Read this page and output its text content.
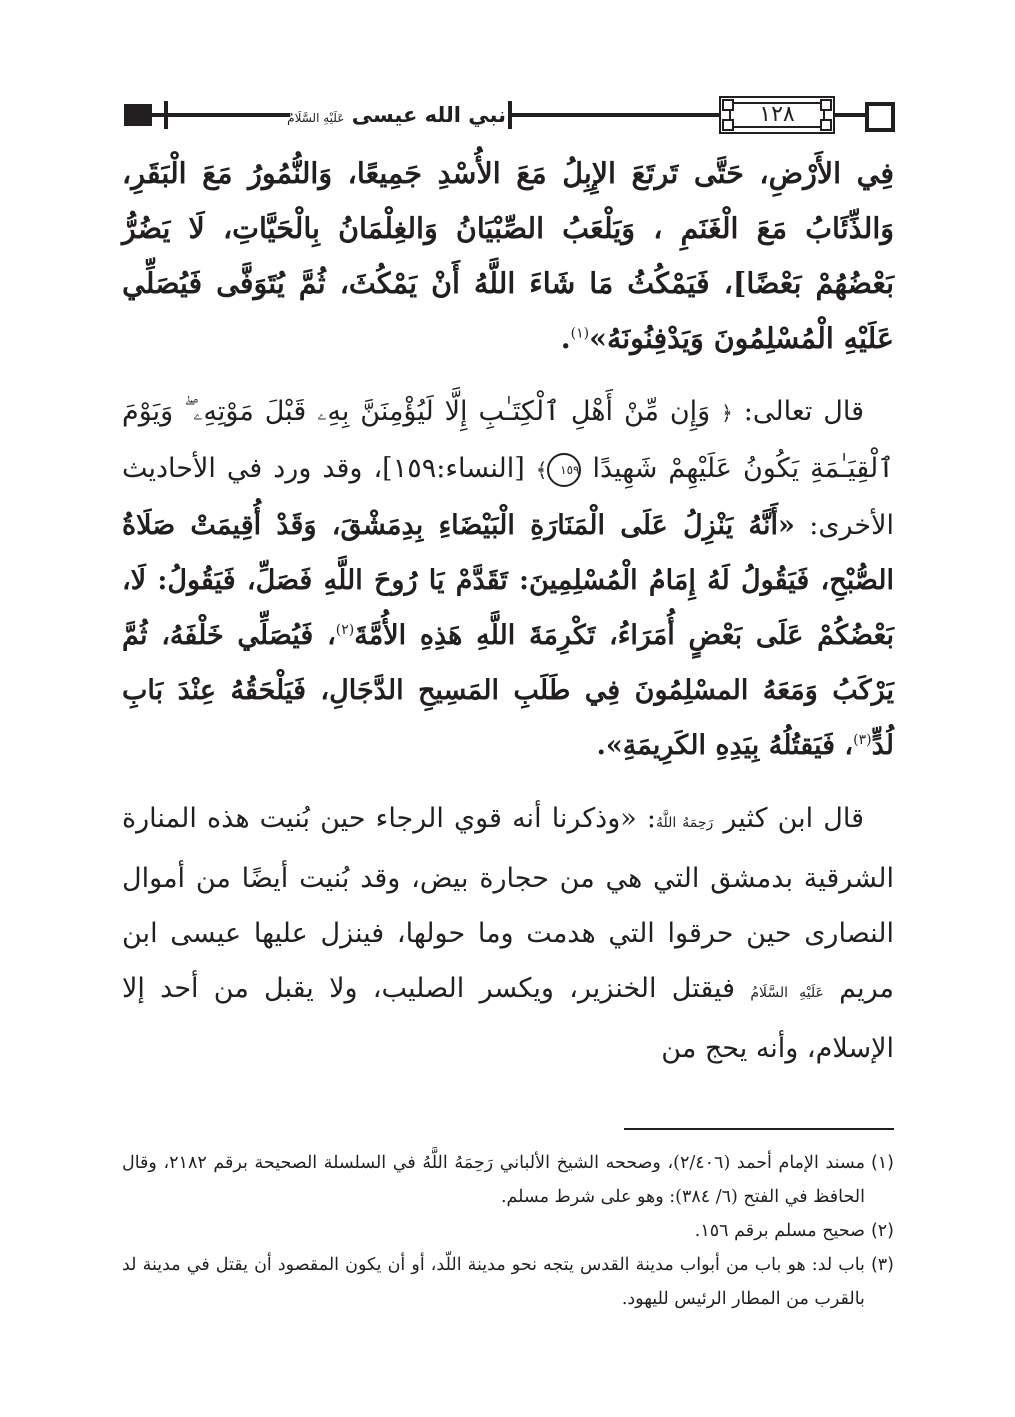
نبي الله عيسى عَلَيْهِ السَّلَامُ	١٢٨

فِي الأَرْضِ، حَتَّى تَرتَعَ الإِبِلُ مَعَ الأُسْدِ جَمِيعًا، وَالنُّمُورُ مَعَ الْبَقَرِ، وَالذِّئَابُ مَعَ الْغَنَمِ ، وَيَلْعَبُ الصِّبْيَانُ وَالغِلْمَانُ بِالْحَيَّاتِ، لَا يَضُرُّ بَعْضُهُمْ بَعْضًا]، فَيَمْكُثُ مَا شَاءَ اللَّهُ أَنْ يَمْكُثَ، ثُمَّ يُتَوَفَّى فَيُصَلِّي عَلَيْهِ الْمُسْلِمُونَ وَيَدْفِنُونَهُ»$^{(١)}$.

قال تعالى: ﴿ وَإِن مِّنْ أَهْلِ ٱلْكِتَـٰبِ إِلَّا لَيُؤْمِنَنَّ بِهِۦ قَبْلَ مَوْتِهِۦ ۖ وَيَوْمَ ٱلْقِيَـٰمَةِ يَكُونُ عَلَيْهِمْ شَهِيدًا ١٥٩﴾ [النساء:١٥٩]، وقد ورد في الأحاديث الأخرى: «أَنَّهُ يَنْزِلُ عَلَى الْمَنَارَةِ الْبَيْضَاءِ بِدِمَشْقَ، وَقَدْ أُقِيمَتْ صَلَاةُ الصُّبْحِ، فَيَقُولُ لَهُ إِمَامُ الْمُسْلِمِينَ: تَقَدَّمْ يَا رُوحَ اللَّهِ فَصَلِّ، فَيَقُولُ: لَا، بَعْضُكُمْ عَلَى بَعْضٍ أُمَرَاءُ، تَكْرِمَةَ اللَّهِ هَذِهِ الأُمَّةَ$^{(٢)}$، فَيُصَلِّي خَلْفَهُ، ثُمَّ يَرْكَبُ وَمَعَهُ المسْلِمُونَ فِي طَلَبِ المَسِيحِ الدَّجَالِ، فَيَلْحَقُهُ عِنْدَ بَابِ لُدٍّ$^{(٣)}$، فَيَقتُلُهُ بِيَدِهِ الكَرِيمَةِ».

قال ابن كثير رَحِمَهُ اللَّهُ: «وذكرنا أنه قوي الرجاء حين بُنيت هذه المنارة الشرقية بدمشق التي هي من حجارة بيض، وقد بُنيت أيضًا من أموال النصارى حين حرقوا التي هدمت وما حولها، فينزل عليها عيسى ابن مريم عَلَيْهِ السَّلَامُ فيقتل الخنزير، ويكسر الصليب، ولا يقبل من أحد إلا الإسلام، وأنه يحج من

(١)
مسند الإمام أحمد (٢/٤٠٦)، وصححه الشيخ الألباني رَحِمَهُ اللَّهُ في السلسلة الصحيحة برقم ٢١٨٢، وقال الحافظ في الفتح (٦/ ٣٨٤): وهو على شرط مسلم.
(٢)
صحيح مسلم برقم ١٥٦.
(٣)
باب لد: هو باب من أبواب مدينة القدس يتجه نحو مدينة اللّد، أو أن يكون المقصود أن يقتل في مدينة لد بالقرب من المطار الرئيس لليهود.
